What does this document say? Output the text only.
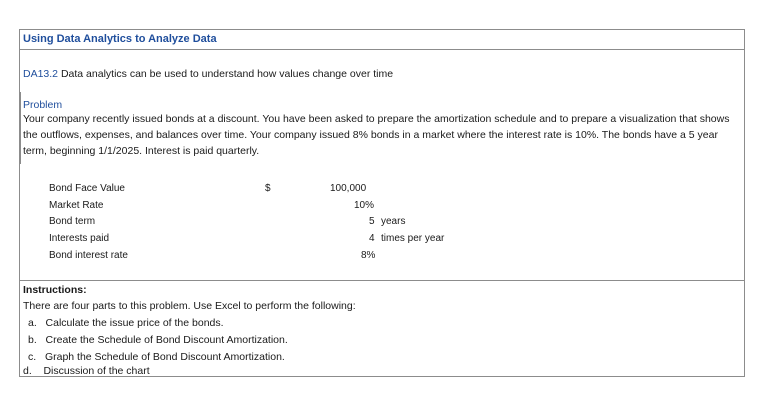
Using Data Analytics to Analyze Data
DA13.2 Data analytics can be used to understand how values change over time
Problem
Your company recently issued bonds at a discount. You have been asked to prepare the amortization schedule and to prepare a visualization that shows the outflows, expenses, and balances over time. Your company issued 8% bonds in a market where the interest rate is 10%. The bonds have a 5 year term, beginning 1/1/2025. Interest is paid quarterly.
Bond Face Value	$	100,000
Market Rate	10%
Bond term	5 years
Interests paid	4 times per year
Bond interest rate	8%
Instructions:
There are four parts to this problem. Use Excel to perform the following:
a. Calculate the issue price of the bonds.
b. Create the Schedule of Bond Discount Amortization.
c. Graph the Schedule of Bond Discount Amortization.
d. Discussion of the chart
